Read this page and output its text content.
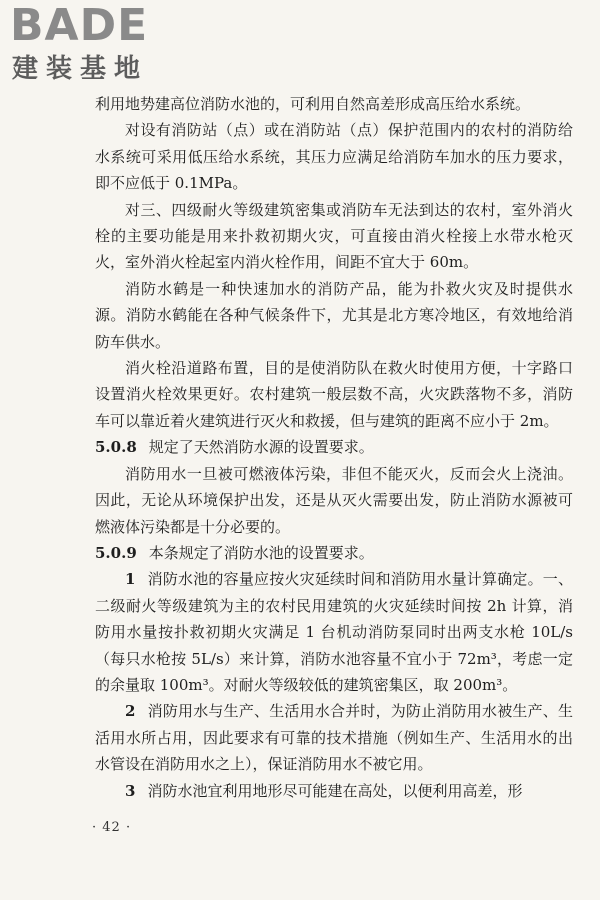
BADE
建装基地

利用地势建高位消防水池的，可利用自然高差形成高压给水系统。

对设有消防站（点）或在消防站（点）保护范围内的农村的消防给水系统可采用低压给水系统，其压力应满足给消防车加水的压力要求，即不应低于 0.1MPa。

对三、四级耐火等级建筑密集或消防车无法到达的农村，室外消火栓的主要功能是用来扑救初期火灾，可直接由消火栓接上水带水枪灭火，室外消火栓起室内消火栓作用，间距不宜大于 60m。

消防水鹤是一种快速加水的消防产品，能为扑救火灾及时提供水源。消防水鹤能在各种气候条件下，尤其是北方寒冷地区，有效地给消防车供水。

消火栓沿道路布置，目的是使消防队在救火时使用方便，十字路口设置消火栓效果更好。农村建筑一般层数不高，火灾跌落物不多，消防车可以靠近着火建筑进行灭火和救援，但与建筑的距离不应小于 2m。

5.0.8 规定了天然消防水源的设置要求。

消防用水一旦被可燃液体污染，非但不能灭火，反而会火上浇油。因此，无论从环境保护出发，还是从灭火需要出发，防止消防水源被可燃液体污染都是十分必要的。

5.0.9 本条规定了消防水池的设置要求。

1 消防水池的容量应按火灾延续时间和消防用水量计算确定。一、二级耐火等级建筑为主的农村民用建筑的火灾延续时间按 2h 计算，消防用水量按扑救初期火灾满足 1 台机动消防泵同时出两支水枪 10L/s（每只水枪按 5L/s）来计算，消防水池容量不宜小于 72m³，考虑一定的余量取 100m³。对耐火等级较低的建筑密集区，取 200m³。

2 消防用水与生产、生活用水合并时，为防止消防用水被生产、生活用水所占用，因此要求有可靠的技术措施（例如生产、生活用水的出水管设在消防用水之上），保证消防用水不被它用。

3 消防水池宜利用地形尽可能建在高处，以便利用高差，形

· 42 ·
